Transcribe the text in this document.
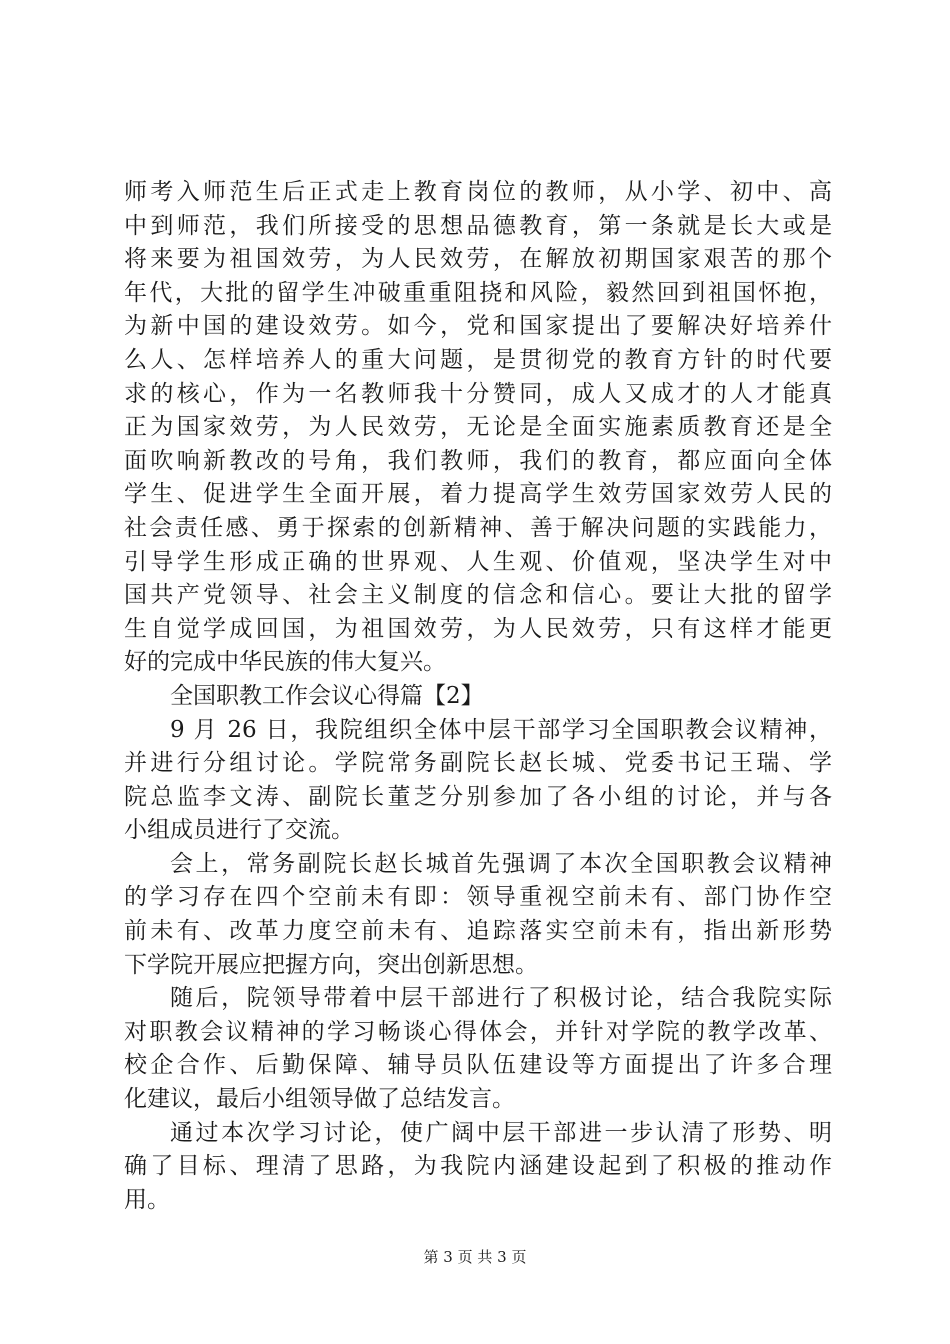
师考入师范生后正式走上教育岗位的教师，从小学、初中、高
中到师范，我们所接受的思想品德教育，第一条就是长大或是
将来要为祖国效劳，为人民效劳，在解放初期国家艰苦的那个
年代，大批的留学生冲破重重阻挠和风险，毅然回到祖国怀抱，
为新中国的建设效劳。如今，党和国家提出了要解决好培养什
么人、怎样培养人的重大问题，是贯彻党的教育方针的时代要
求的核心，作为一名教师我十分赞同，成人又成才的人才能真
正为国家效劳，为人民效劳，无论是全面实施素质教育还是全
面吹响新教改的号角，我们教师，我们的教育，都应面向全体
学生、促进学生全面开展，着力提高学生效劳国家效劳人民的
社会责任感、勇于探索的创新精神、善于解决问题的实践能力，
引导学生形成正确的世界观、人生观、价值观，坚决学生对中
国共产党领导、社会主义制度的信念和信心。要让大批的留学
生自觉学成回国，为祖国效劳，为人民效劳，只有这样才能更
好的完成中华民族的伟大复兴。
全国职教工作会议心得篇【2】
9 月 26 日，我院组织全体中层干部学习全国职教会议精神，
并进行分组讨论。学院常务副院长赵长城、党委书记王瑞、学
院总监李文涛、副院长董芝分别参加了各小组的讨论，并与各
小组成员进行了交流。
会上，常务副院长赵长城首先强调了本次全国职教会议精神
的学习存在四个空前未有即：领导重视空前未有、部门协作空
前未有、改革力度空前未有、追踪落实空前未有，指出新形势
下学院开展应把握方向，突出创新思想。
随后，院领导带着中层干部进行了积极讨论，结合我院实际
对职教会议精神的学习畅谈心得体会，并针对学院的教学改革、
校企合作、后勤保障、辅导员队伍建设等方面提出了许多合理
化建议，最后小组领导做了总结发言。
通过本次学习讨论，使广阔中层干部进一步认清了形势、明
确了目标、理清了思路，为我院内涵建设起到了积极的推动作
用。
第 3 页 共 3 页
